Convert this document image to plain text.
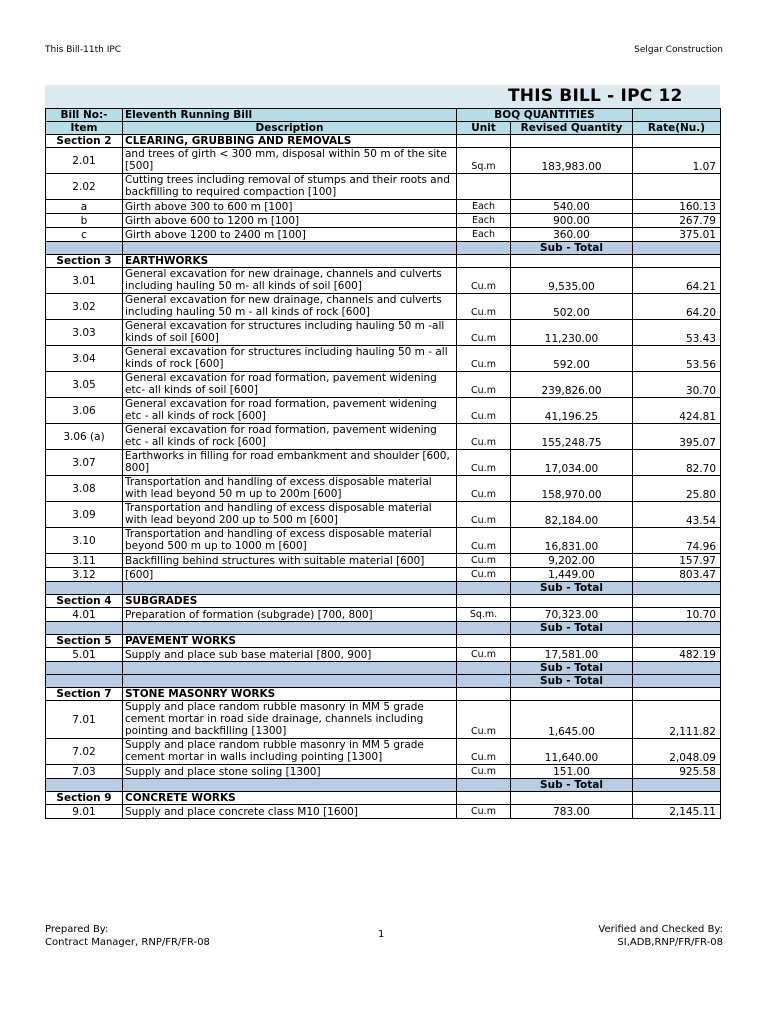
This Bill-11th IPC	Selgar Construction
THIS BILL - IPC 12
Bill No:-	Eleventh Running Bill	BOQ QUANTITIES		
Item	Description	Unit	Revised Quantity	Rate(Nu.)
Section 2	CLEARING, GRUBBING AND REMOVALS			
2.01	and trees of girth < 300 mm, disposal within 50 m of the site [500]	Sq.m	183,983.00	1.07
2.02	Cutting trees including removal of stumps and their roots and backfilling to required compaction [100]			
a	Girth above 300 to 600 m [100]	Each	540.00	160.13
b	Girth above 600 to 1200 m [100]	Each	900.00	267.79
c	Girth above 1200 to 2400 m [100]	Each	360.00	375.01
			Sub - Total	
Section 3	EARTHWORKS			
3.01	General excavation for new drainage, channels and culverts including hauling 50 m- all kinds of soil [600]	Cu.m	9,535.00	64.21
3.02	General excavation for new drainage, channels and culverts including hauling 50 m - all kinds of rock [600]	Cu.m	502.00	64.20
3.03	General excavation for structures including hauling 50 m -all kinds of soil [600]	Cu.m	11,230.00	53.43
3.04	General excavation for structures including hauling 50 m - all kinds of rock [600]	Cu.m	592.00	53.56
3.05	General excavation for road formation, pavement widening etc- all kinds of soil [600]	Cu.m	239,826.00	30.70
3.06	General excavation for road formation, pavement widening etc - all kinds of rock [600]	Cu.m	41,196.25	424.81
3.06 (a)	General excavation for road formation, pavement widening etc - all kinds of rock [600]	Cu.m	155,248.75	395.07
3.07	Earthworks in filling for road embankment and shoulder [600, 800]	Cu.m	17,034.00	82.70
3.08	Transportation and handling of excess disposable material with lead beyond 50 m up to 200m [600]	Cu.m	158,970.00	25.80
3.09	Transportation and handling of excess disposable material with lead beyond 200 up to 500 m [600]	Cu.m	82,184.00	43.54
3.10	Transportation and handling of excess disposable material beyond 500 m up to 1000 m [600]	Cu.m	16,831.00	74.96
3.11	Backfilling behind structures with suitable material [600]	Cu.m	9,202.00	157.97
3.12	[600]	Cu.m	1,449.00	803.47
			Sub - Total	
Section 4	SUBGRADES			
4.01	Preparation of formation (subgrade) [700, 800]	Sq.m.	70,323.00	10.70
			Sub - Total	
Section 5	PAVEMENT WORKS			
5.01	Supply and place sub base material [800, 900]	Cu.m	17,581.00	482.19
			Sub - Total	
			Sub - Total	
Section 7	STONE MASONRY WORKS			
7.01	Supply and place random rubble masonry in MM 5 grade cement mortar in road side drainage, channels including pointing and backfilling [1300]	Cu.m	1,645.00	2,111.82
7.02	Supply and place random rubble masonry in MM 5 grade cement mortar in walls including pointing [1300]	Cu.m	11,640.00	2,048.09
7.03	Supply and place stone soling [1300]	Cu.m	151.00	925.58
			Sub - Total	
Section 9	CONCRETE WORKS			
9.01	Supply and place concrete class M10 [1600]	Cu.m	783.00	2,145.11
Prepared By:
Contract Manager, RNP/FR/FR-08
1	Verified and Checked By:
SI,ADB,RNP/FR/FR-08
